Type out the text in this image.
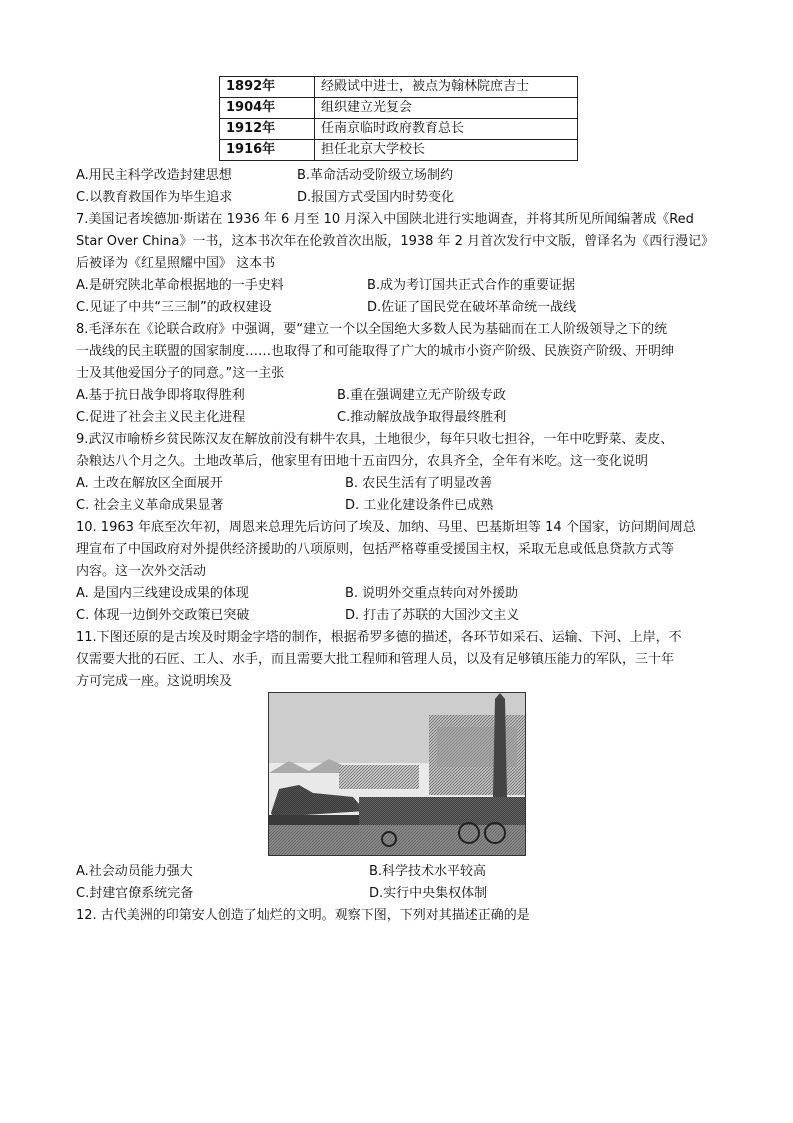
1892年	经殿试中进士，被点为翰林院庶吉士
1904年	组织建立光复会
1912年	任南京临时政府教育总长
1916年	担任北京大学校长
A.用民主科学改造封建思想	B.革命活动受阶级立场制约
C.以教育救国作为毕生追求	D.报国方式受国内时势变化
7.美国记者埃德加·斯诺在 1936 年 6 月至 10 月深入中国陕北进行实地调查，并将其所见所闻编著成《Red
Star Over China》一书，这本书次年在伦敦首次出版，1938 年 2 月首次发行中文版，曾译名为《西行漫记》
后被译为《红星照耀中国》 这本书
A.是研究陕北革命根据地的一手史料	B.成为考订国共正式合作的重要证据
C.见证了中共“三三制”的政权建设	D.佐证了国民党在破坏革命统一战线
8.毛泽东在《论联合政府》中强调，要“建立一个以全国绝大多数人民为基础而在工人阶级领导之下的统
一战线的民主联盟的国家制度……也取得了和可能取得了广大的城市小资产阶级、民族资产阶级、开明绅
士及其他爱国分子的同意。”这一主张
A.基于抗日战争即将取得胜利	B.重在强调建立无产阶级专政
C.促进了社会主义民主化进程	C.推动解放战争取得最终胜利
9.武汉市喻桥乡贫民陈汉友在解放前没有耕牛农具，土地很少，每年只收七担谷，一年中吃野菜、麦皮、
杂粮达八个月之久。土地改革后，他家里有田地十五亩四分，农具齐全，全年有米吃。这一变化说明
A. 土改在解放区全面展开	B. 农民生活有了明显改善
C. 社会主义革命成果显著	D. 工业化建设条件已成熟
10. 1963 年底至次年初，周恩来总理先后访问了埃及、加纳、马里、巴基斯坦等 14 个国家，访问期间周总
理宣布了中国政府对外提供经济援助的八项原则，包括严格尊重受援国主权，采取无息或低息贷款方式等
内容。这一次外交活动
A. 是国内三线建设成果的体现	B. 说明外交重点转向对外援助
C. 体现一边倒外交政策已突破	D. 打击了苏联的大国沙文主义
11.下图还原的是古埃及时期金字塔的制作，根据希罗多德的描述，各环节如采石、运输、下河、上岸，不
仅需要大批的石匠、工人、水手，而且需要大批工程师和管理人员，以及有足够镇压能力的军队，三十年
方可完成一座。这说明埃及
A.社会动员能力强大	B.科学技术水平较高
C.封建官僚系统完备	D.实行中央集权体制
12. 古代美洲的印第安人创造了灿烂的文明。观察下图，下列对其描述正确的是
